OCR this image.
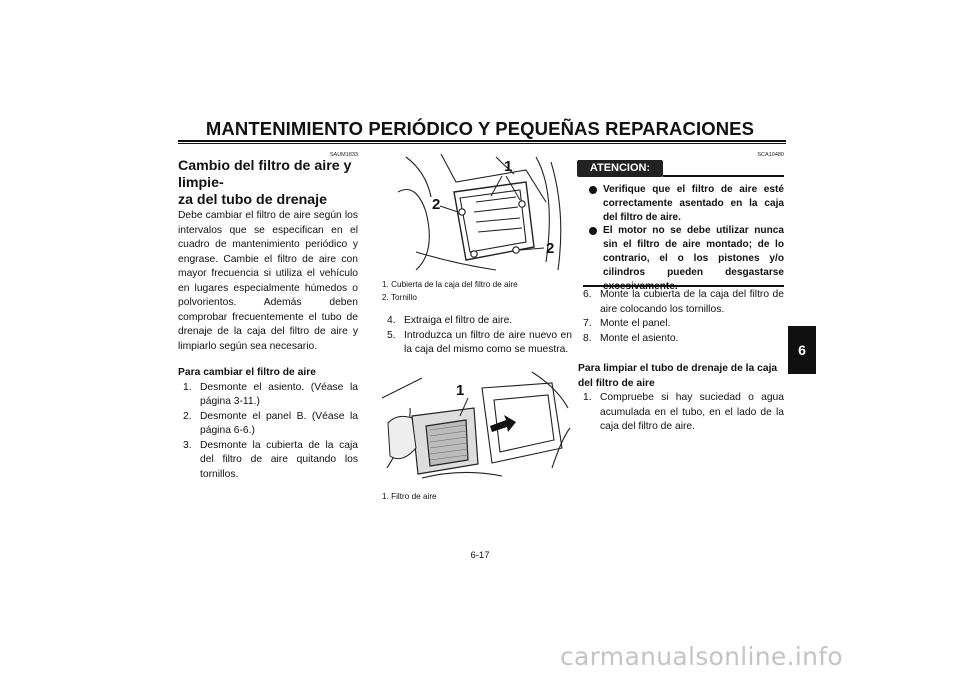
MANTENIMIENTO PERIÓDICO Y PEQUEÑAS REPARACIONES
SAUM1833
Cambio del filtro de aire y limpie-
za del tubo de drenaje
Debe cambiar el filtro de aire según los intervalos que se especifican en el cuadro de mantenimiento periódico y engrase. Cambie el filtro de aire con mayor frecuencia si utiliza el vehículo en lugares especialmente húmedos o polvorientos. Además deben comprobar frecuentemente el tubo de drenaje de la caja del filtro de aire y limpiarlo según sea necesario.
Para cambiar el filtro de aire
1. Desmonte el asiento. (Véase la página 3-11.)
2. Desmonte el panel B. (Véase la página 6-6.)
3. Desmonte la cubierta de la caja del filtro de aire quitando los tornillos.
1
2
2
1. Cubierta de la caja del filtro de aire
2. Tornillo
4. Extraiga el filtro de aire.
5. Introduzca un filtro de aire nuevo en la caja del mismo como se muestra.
1
1. Filtro de aire
SCA10480
ATENCION:
Verifique que el filtro de aire esté correctamente asentado en la caja del filtro de aire.
El motor no se debe utilizar nunca sin el filtro de aire montado; de lo contrario, el o los pistones y/o cilindros pueden desgastarse
6. Monte la cubierta de la caja del filtro de aire colocando los tornillos.
7. Monte el panel.
8. Monte el asiento.
Para limpiar el tubo de drenaje de la caja del filtro de aire
1. Compruebe si hay suciedad o agua acumulada en el tubo, en el lado de la caja del filtro de aire.
6
6-17
carmanualsonline.info
